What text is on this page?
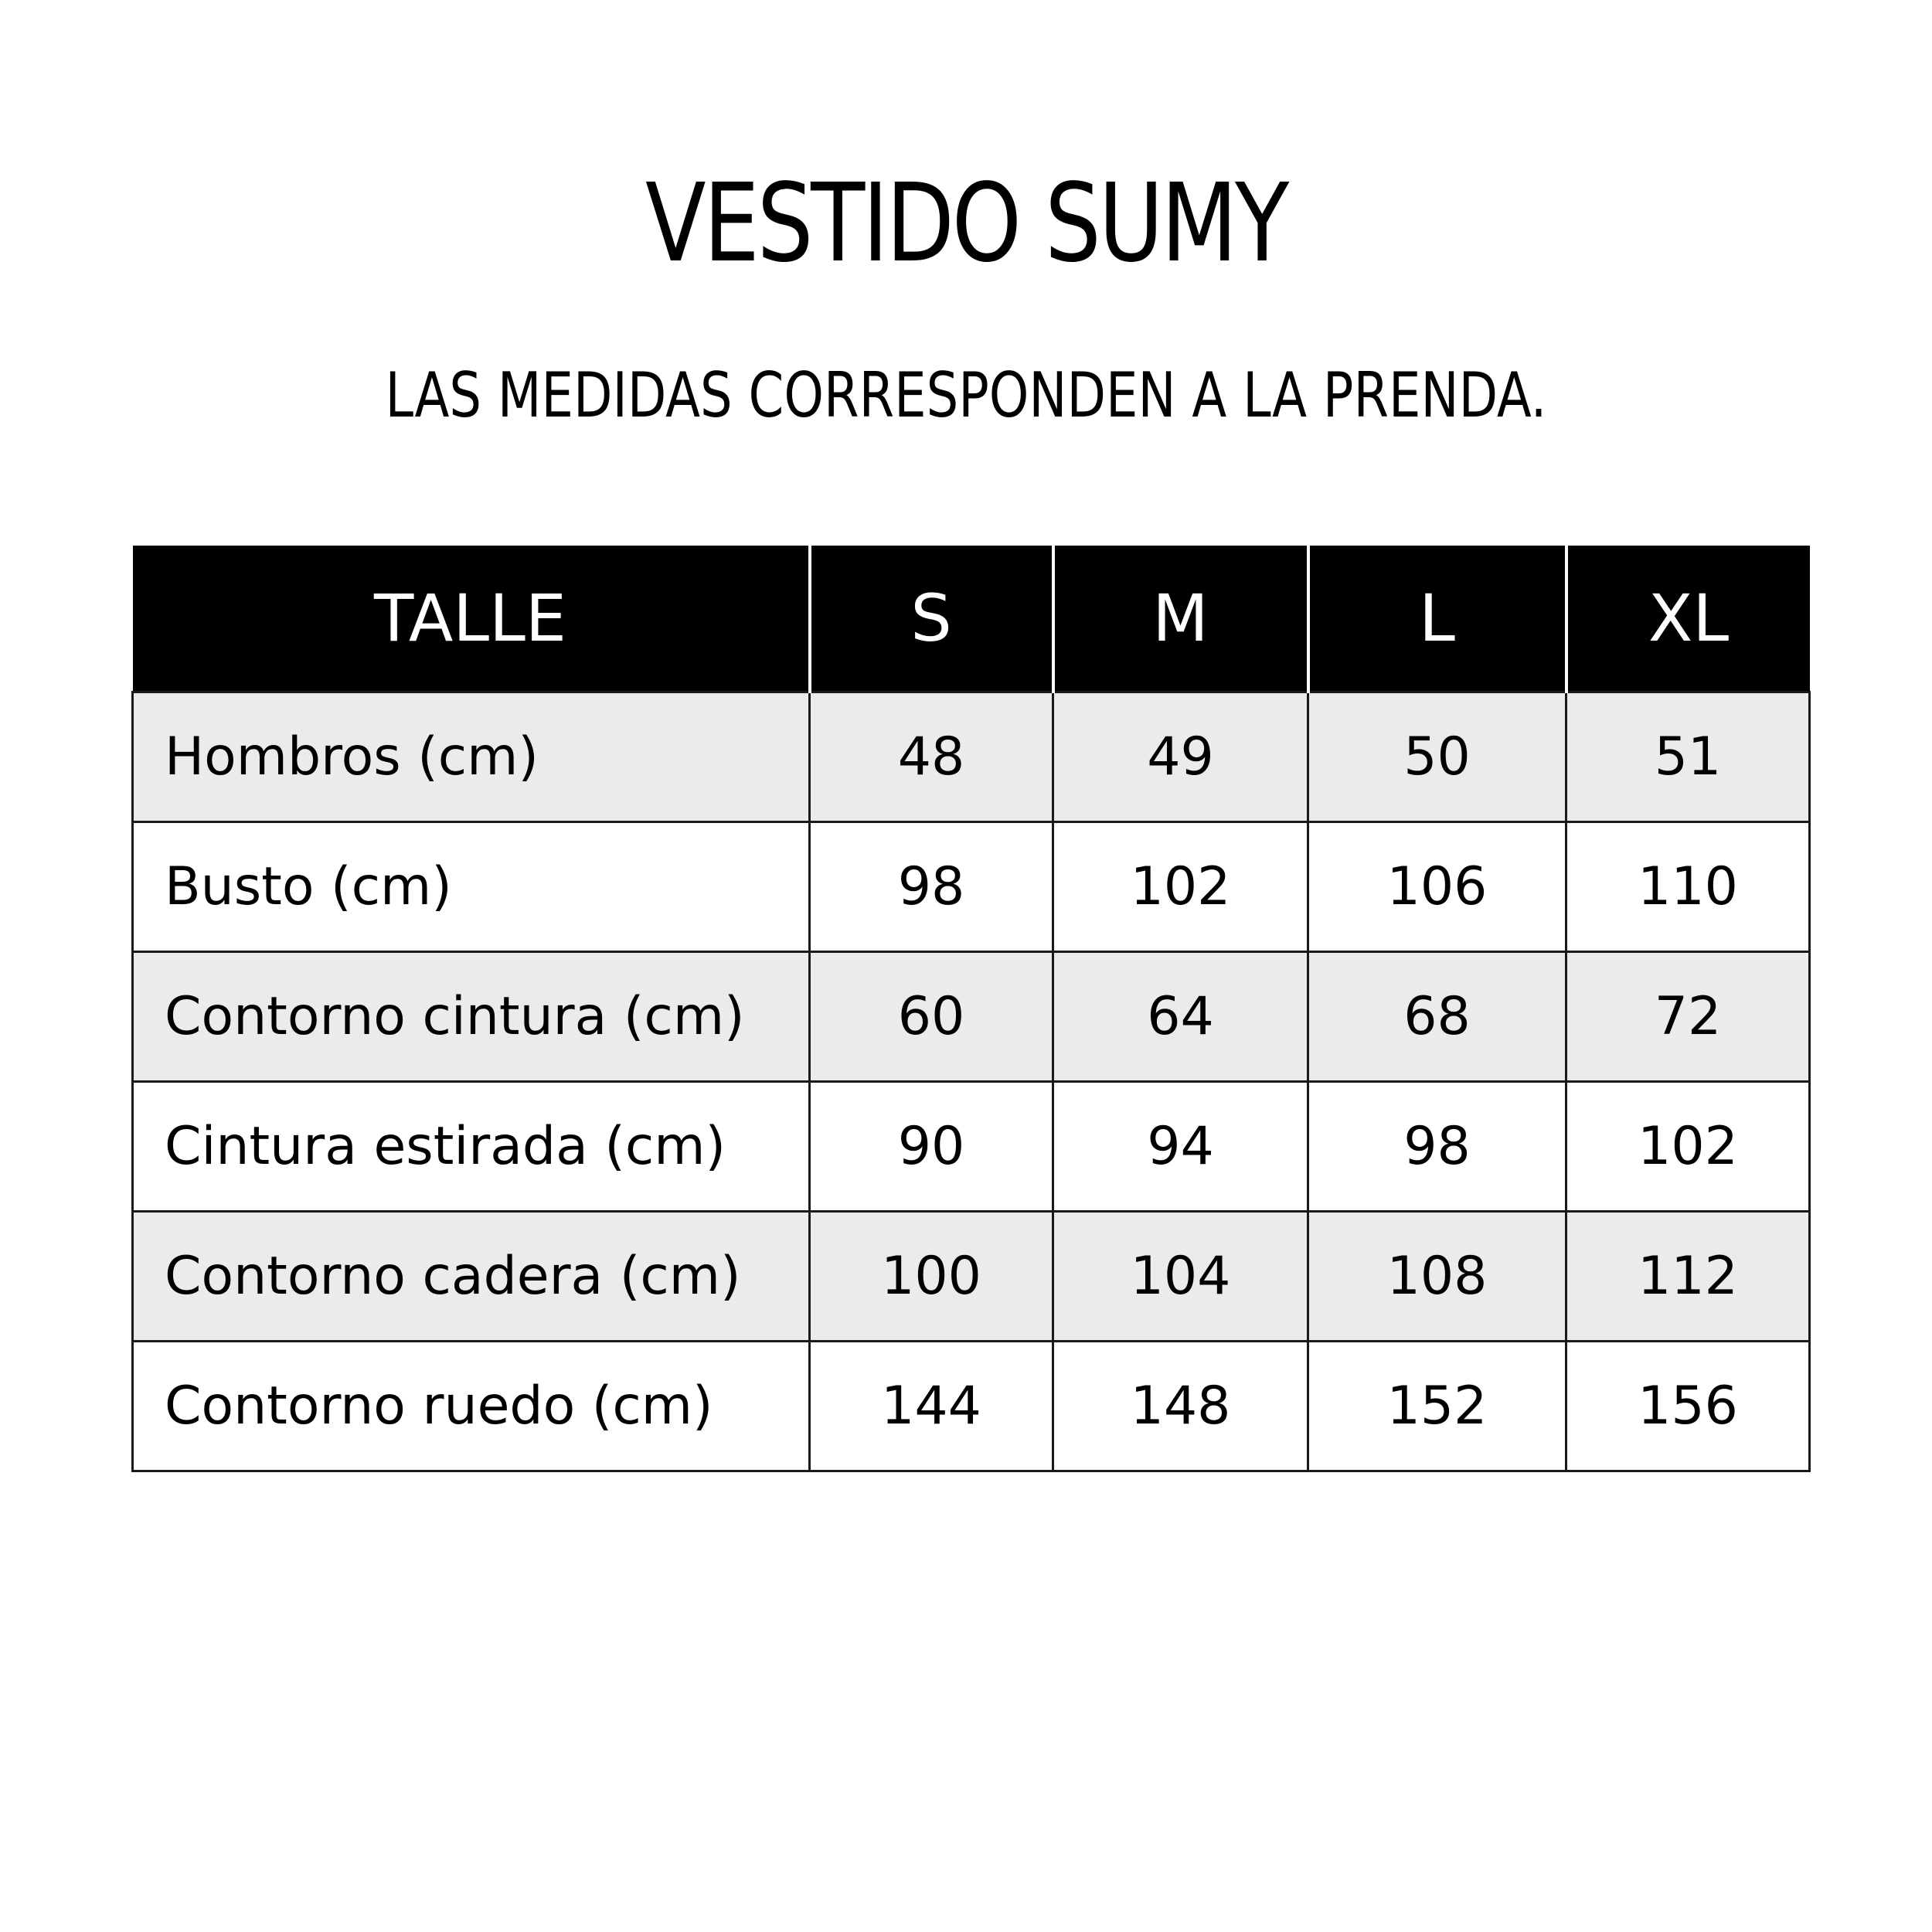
VESTIDO SUMY

LAS MEDIDAS CORRESPONDEN A LA PRENDA.

TALLE	S	M	L	XL
Hombros (cm)	48	49	50	51
Busto (cm)	98	102	106	110
Contorno cintura (cm)	60	64	68	72
Cintura estirada (cm)	90	94	98	102
Contorno cadera (cm)	100	104	108	112
Contorno ruedo (cm)	144	148	152	156
